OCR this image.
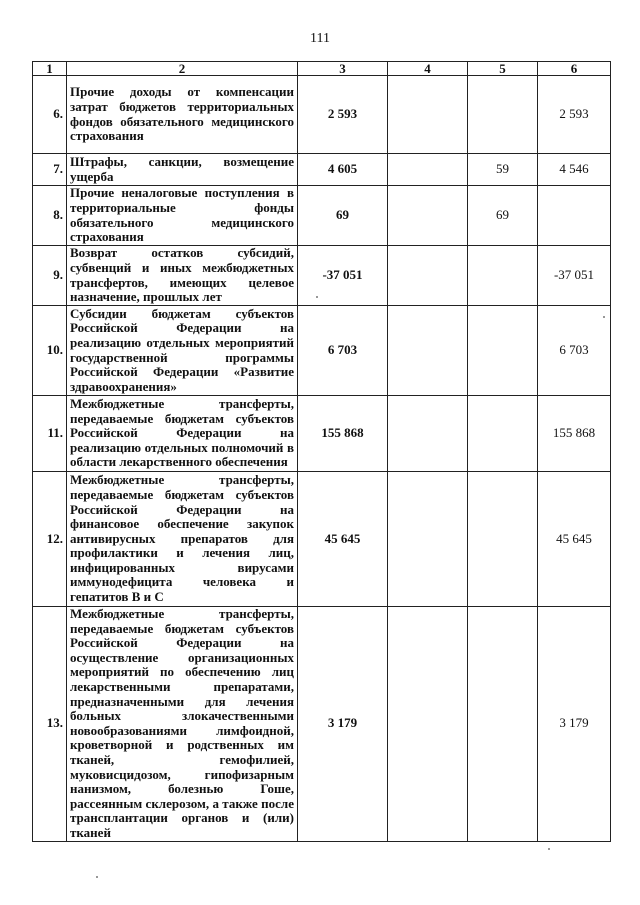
111
1	2	3	4	5	6
6.	Прочие доходы от компенсации затрат бюджетов территориальных фондов обязательного медицинского страхования	2 593			2 593
7.	Штрафы, санкции, возмещение ущерба	4 605		59	4 546
8.	Прочие неналоговые поступления в территориальные фонды обязательного медицинского страхования	69		69	
9.	Возврат остатков субсидий, субвенций и иных межбюджетных трансфертов, имеющих целевое назначение, прошлых лет	-37 051			-37 051
10.	Субсидии бюджетам субъектов Российской Федерации на реализацию отдельных мероприятий государственной программы Российской Федерации «Развитие здравоохранения»	6 703			6 703
11.	Межбюджетные трансферты, передаваемые бюджетам субъектов Российской Федерации на реализацию отдельных полномочий в области лекарственного обеспечения	155 868			155 868
12.	Межбюджетные трансферты, передаваемые бюджетам субъектов Российской Федерации на финансовое обеспечение закупок антивирусных препаратов для профилактики и лечения лиц, инфицированных вирусами иммунодефицита человека и гепатитов В и С	45 645			45 645
13.	Межбюджетные трансферты, передаваемые бюджетам субъектов Российской Федерации на осуществление организационных мероприятий по обеспечению лиц лекарственными препаратами, предназначенными для лечения больных злокачественными новообразованиями лимфоидной, кроветворной и родственных им тканей, гемофилией, муковисцидозом, гипофизарным нанизмом, болезнью Гоше, рассеянным склерозом, а также после трансплантации органов и (или) тканей	3 179			3 179
